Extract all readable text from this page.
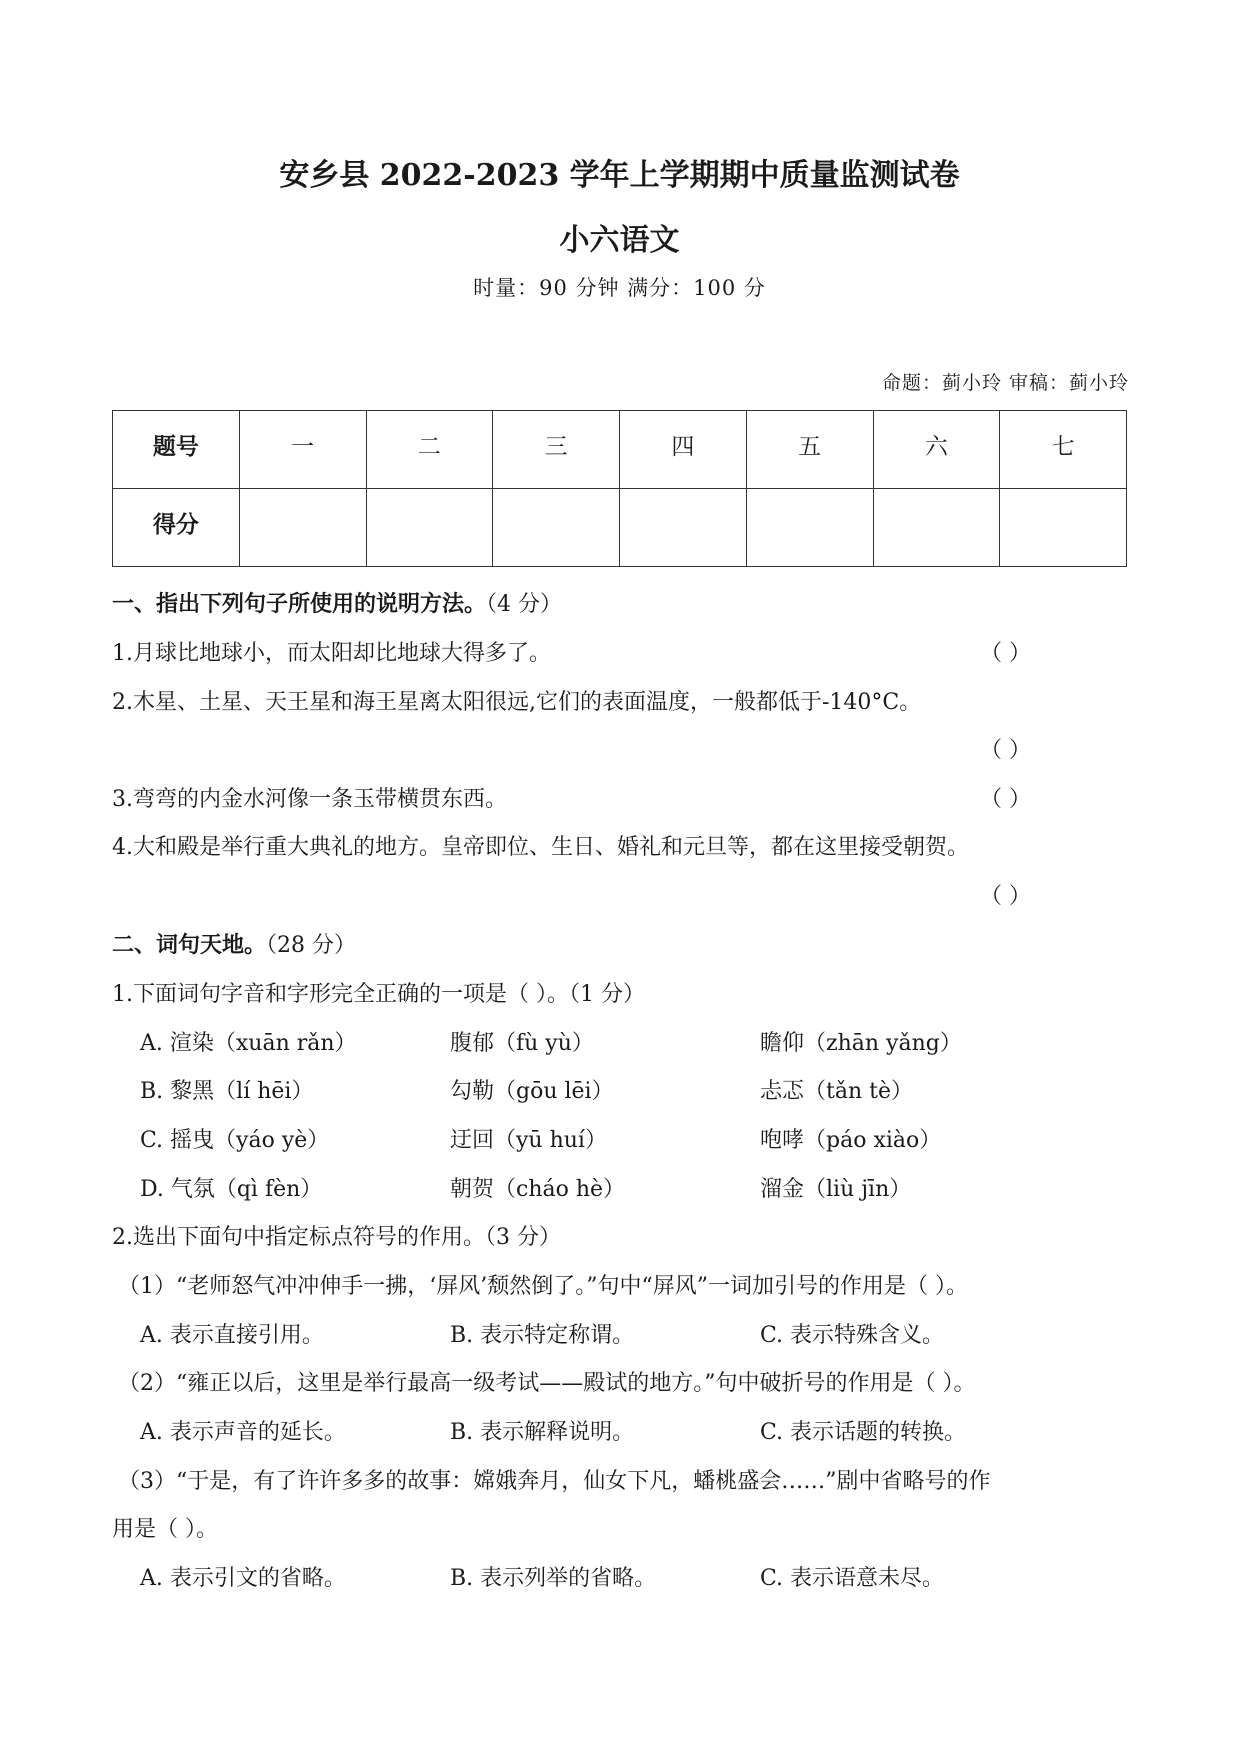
安乡县 2022-2023 学年上学期期中质量监测试卷
小六语文
时量：90 分钟 满分：100 分
命题：蓟小玲 审稿：蓟小玲
题号	一	二	三	四	五	六	七
得分							
一、指出下列句子所使用的说明方法。（4 分）
1.月球比地球小，而太阳却比地球大得多了。	（ ）
2.木星、土星、天王星和海王星离太阳很远,它们的表面温度，一般都低于-140°C。
（ ）
3.弯弯的内金水河像一条玉带横贯东西。	（ ）
4.大和殿是举行重大典礼的地方。皇帝即位、生日、婚礼和元旦等，都在这里接受朝贺。
（ ）
二、词句天地。（28 分）
1.下面词句字音和字形完全正确的一项是（ ）。（1 分）
A. 渲染（xuān rǎn）	腹郁（fù yù）	瞻仰（zhān yǎng）
B. 黎黑（lí hēi）	勾勒（gōu lēi）	忐忑（tǎn tè）
C. 摇曳（yáo yè）	迂回（yū huí）	咆哮（páo xiào）
D. 气氛（qì fèn）	朝贺（cháo hè）	溜金（liù jīn）
2.选出下面句中指定标点符号的作用。（3 分）
（1）“老师怒气冲冲伸手一拂，‘屏风’颓然倒了。”句中“屏风”一词加引号的作用是（ ）。
A. 表示直接引用。	B. 表示特定称谓。	C. 表示特殊含义。
（2）“雍正以后，这里是举行最高一级考试——殿试的地方。”句中破折号的作用是（ ）。
A. 表示声音的延长。	B. 表示解释说明。	C. 表示话题的转换。
（3）“于是，有了许许多多的故事：嫦娥奔月，仙女下凡，蟠桃盛会……”剧中省略号的作
用是（ ）。
A. 表示引文的省略。	B. 表示列举的省略。	C. 表示语意未尽。
